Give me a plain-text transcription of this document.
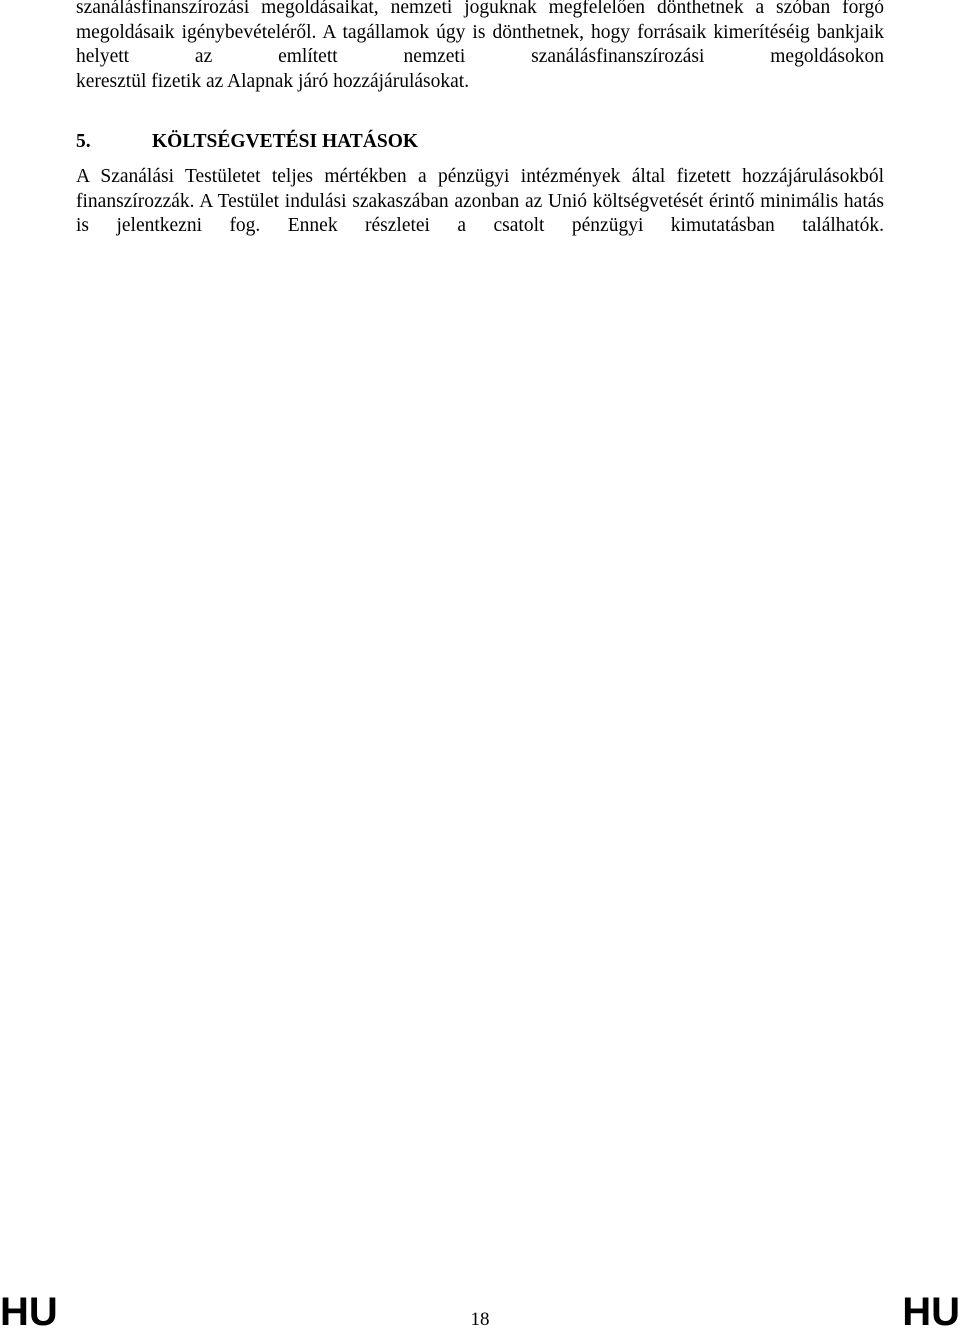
szanálásfinanszírozási megoldásaikat, nemzeti joguknak megfelelően dönthetnek a szóban forgó megoldásaik igénybevételéről. A tagállamok úgy is dönthetnek, hogy forrásaik kimerítéséig bankjaik helyett az említett nemzeti szanálásfinanszírozási megoldásokon
keresztül fizetik az Alapnak járó hozzájárulásokat.
5.	KÖLTSÉGVETÉSI HATÁSOK
A Szanálási Testületet teljes mértékben a pénzügyi intézmények által fizetett hozzájárulásokból finanszírozzák. A Testület indulási szakaszában azonban az Unió költségvetését érintő minimális hatás is jelentkezni fog. Ennek részletei a csatolt pénzügyi kimutatásban találhatók.
HU	18	HU
